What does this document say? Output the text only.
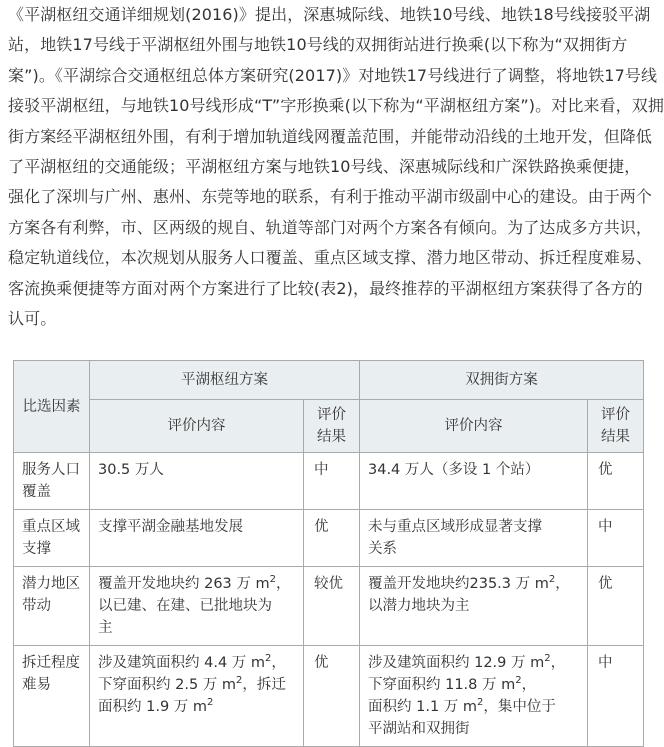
《平湖枢纽交通详细规划(2016)》提出，深惠城际线、地铁10号线、地铁18号线接驳平湖
站，地铁17号线于平湖枢纽外围与地铁10号线的双拥街站进行换乘(以下称为“双拥街方
案”)。《平湖综合交通枢纽总体方案研究(2017)》对地铁17号线进行了调整，将地铁17号线
接驳平湖枢纽，与地铁10号线形成“T”字形换乘(以下称为“平湖枢纽方案”)。对比来看，双拥
街方案经平湖枢纽外围，有利于增加轨道线网覆盖范围，并能带动沿线的土地开发，但降低
了平湖枢纽的交通能级；平湖枢纽方案与地铁10号线、深惠城际线和广深铁路换乘便捷，
强化了深圳与广州、惠州、东莞等地的联系，有利于推动平湖市级副中心的建设。由于两个
方案各有利弊，市、区两级的规自、轨道等部门对两个方案各有倾向。为了达成多方共识，
稳定轨道线位，本次规划从服务人口覆盖、重点区域支撑、潜力地区带动、拆迁程度难易、
客流换乘便捷等方面对两个方案进行了比较(表2)，最终推荐的平湖枢纽方案获得了各方的
认可。
比选因素	平湖枢纽方案		双拥街方案	
	评价内容	评价
结果	评价内容	评价
结果
服务人口
覆盖	30.5 万人	中	34.4 万人（多设 1 个站）	优
重点区域
支撑	支撑平湖金融基地发展	优	未与重点区域形成显著支撑
关系	中
潜力地区
带动	覆盖开发地块约 263 万 $m^2$，
以已建、在建、已批地块为
主	较优	覆盖开发地块约235.3 万 $m^2$，
以潜力地块为主	优
拆迁程度
难易	涉及建筑面积约 4.4 万 $m^2$，
下穿面积约 2.5 万 $m^2$，拆迁
面积约 1.9 万 $m^2$	优	涉及建筑面积约 12.9 万 $m^2$，
下穿面积约 11.8 万 $m^2$，
面积约 1.1 万 $m^2$，集中位于
平湖站和双拥街	中
